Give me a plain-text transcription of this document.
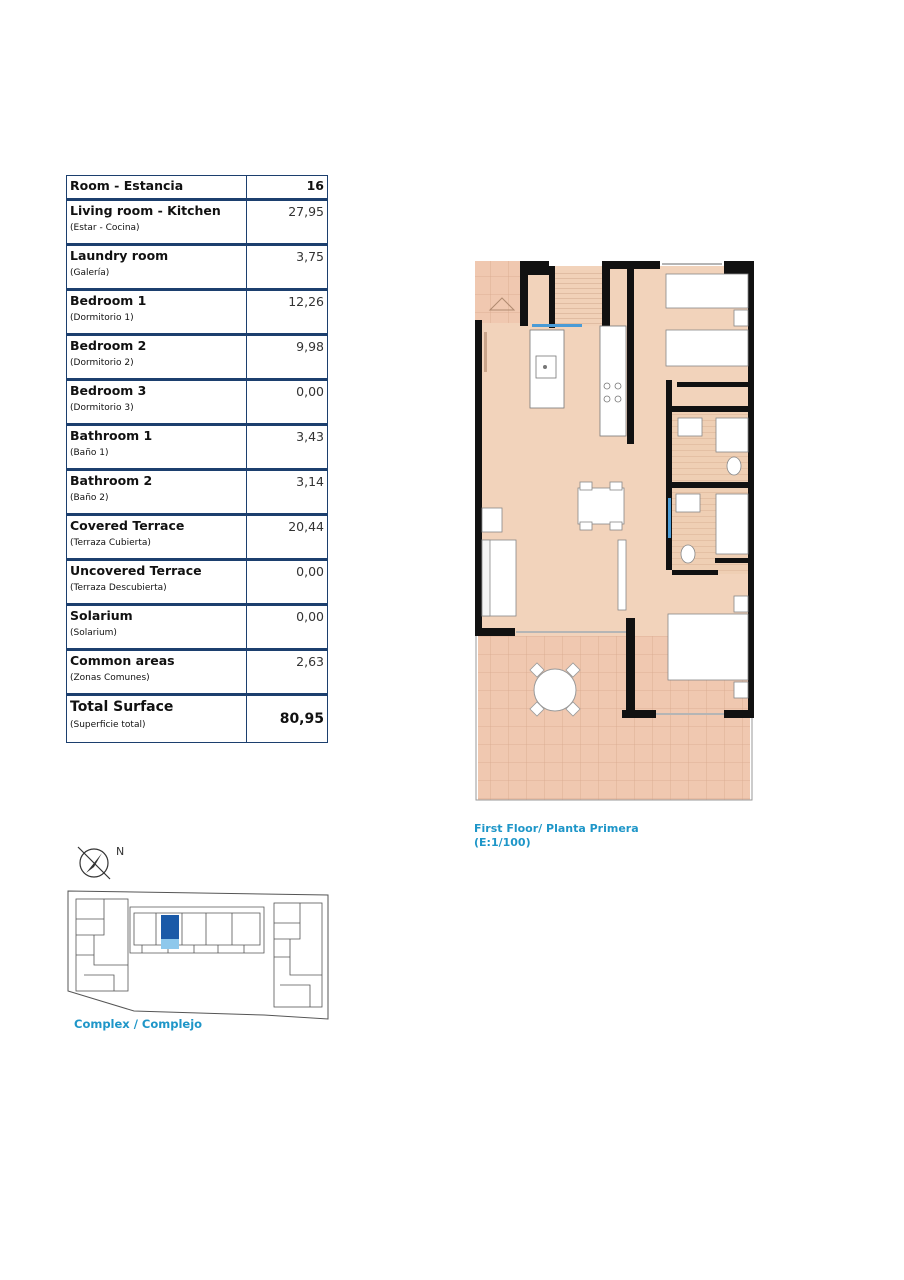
Room - Estancia	16

Living room - Kitchen
(Estar - Cocina)	27,95

Laundry room
(Galería)	3,75

Bedroom 1
(Dormitorio 1)	12,26

Bedroom 2
(Dormitorio 2)	9,98

Bedroom 3
(Dormitorio 3)	0,00

Bathroom 1
(Baño 1)	3,43

Bathroom 2
(Baño 2)	3,14

Covered Terrace
(Terraza Cubierta)	20,44

Uncovered Terrace
(Terraza Descubierta)	0,00

Solarium
(Solarium)	0,00

Common areas
(Zonas Comunes)	2,63

Total Surface
(Superficie total)	80,95
First Floor/ Planta Primera
(E:1/100)
N
Complex / Complejo
